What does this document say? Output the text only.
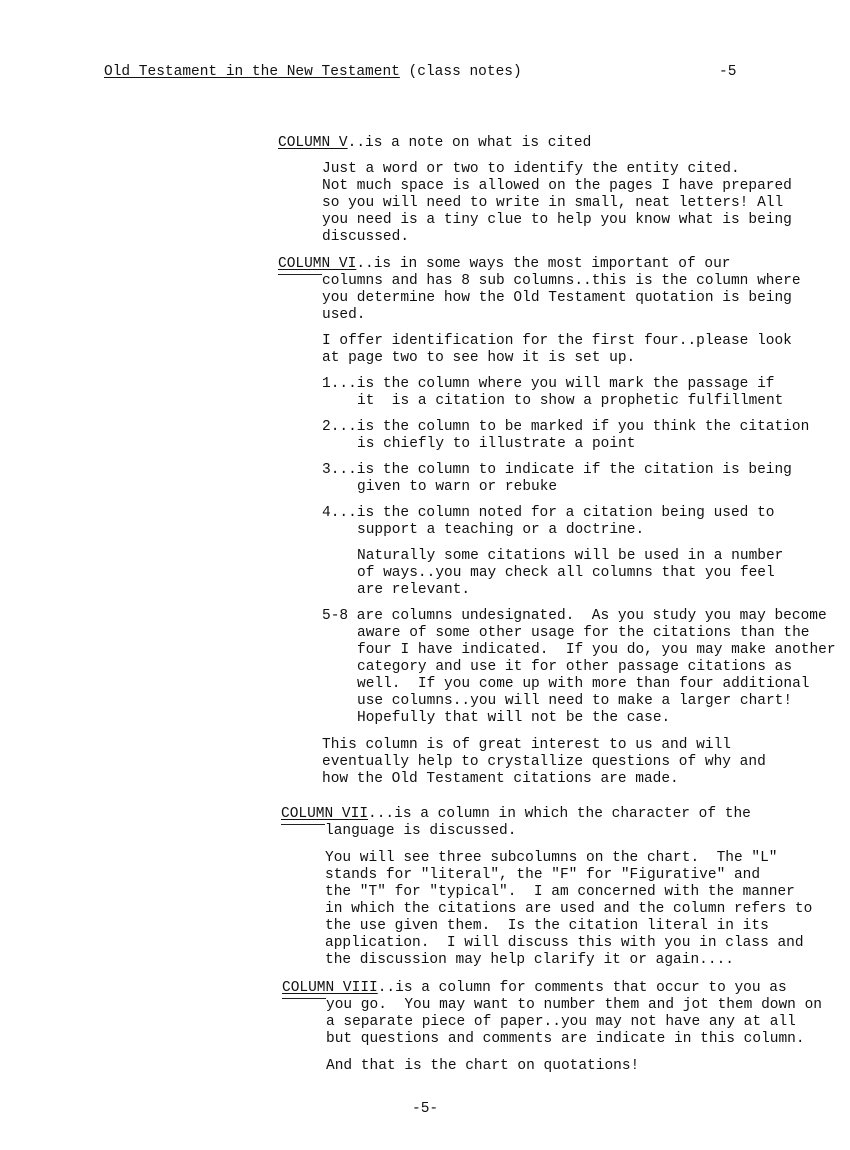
Old Testament in the New Testament (class notes)	-5
COLUMN V..is a note on what is cited
Just a word or two to identify the entity cited.
Not much space is allowed on the pages I have prepared
so you will need to write in small, neat letters! All
you need is a tiny clue to help you know what is being
discussed.
COLUMN VI..is in some ways the most important of our
columns and has 8 sub columns..this is the column where
you determine how the Old Testament quotation is being
used.
I offer identification for the first four..please look
at page two to see how it is set up.
1...is the column where you will mark the passage if
it  is a citation to show a prophetic fulfillment
2...is the column to be marked if you think the citation
is chiefly to illustrate a point
3...is the column to indicate if the citation is being
given to warn or rebuke
4...is the column noted for a citation being used to
support a teaching or a doctrine.
Naturally some citations will be used in a number
of ways..you may check all columns that you feel
are relevant.
5-8 are columns undesignated.  As you study you may become
aware of some other usage for the citations than the
four I have indicated.  If you do, you may make another
category and use it for other passage citations as
well.  If you come up with more than four additional
use columns..you will need to make a larger chart!
Hopefully that will not be the case.
This column is of great interest to us and will
eventually help to crystallize questions of why and
how the Old Testament citations are made.
COLUMN VII...is a column in which the character of the
language is discussed.
You will see three subcolumns on the chart.  The "L"
stands for "literal", the "F" for "Figurative" and
the "T" for "typical".  I am concerned with the manner
in which the citations are used and the column refers to
the use given them.  Is the citation literal in its
application.  I will discuss this with you in class and
the discussion may help clarify it or again....
COLUMN VIII..is a column for comments that occur to you as
you go.  You may want to number them and jot them down on
a separate piece of paper..you may not have any at all
but questions and comments are indicate in this column.
And that is the chart on quotations!
-5-
